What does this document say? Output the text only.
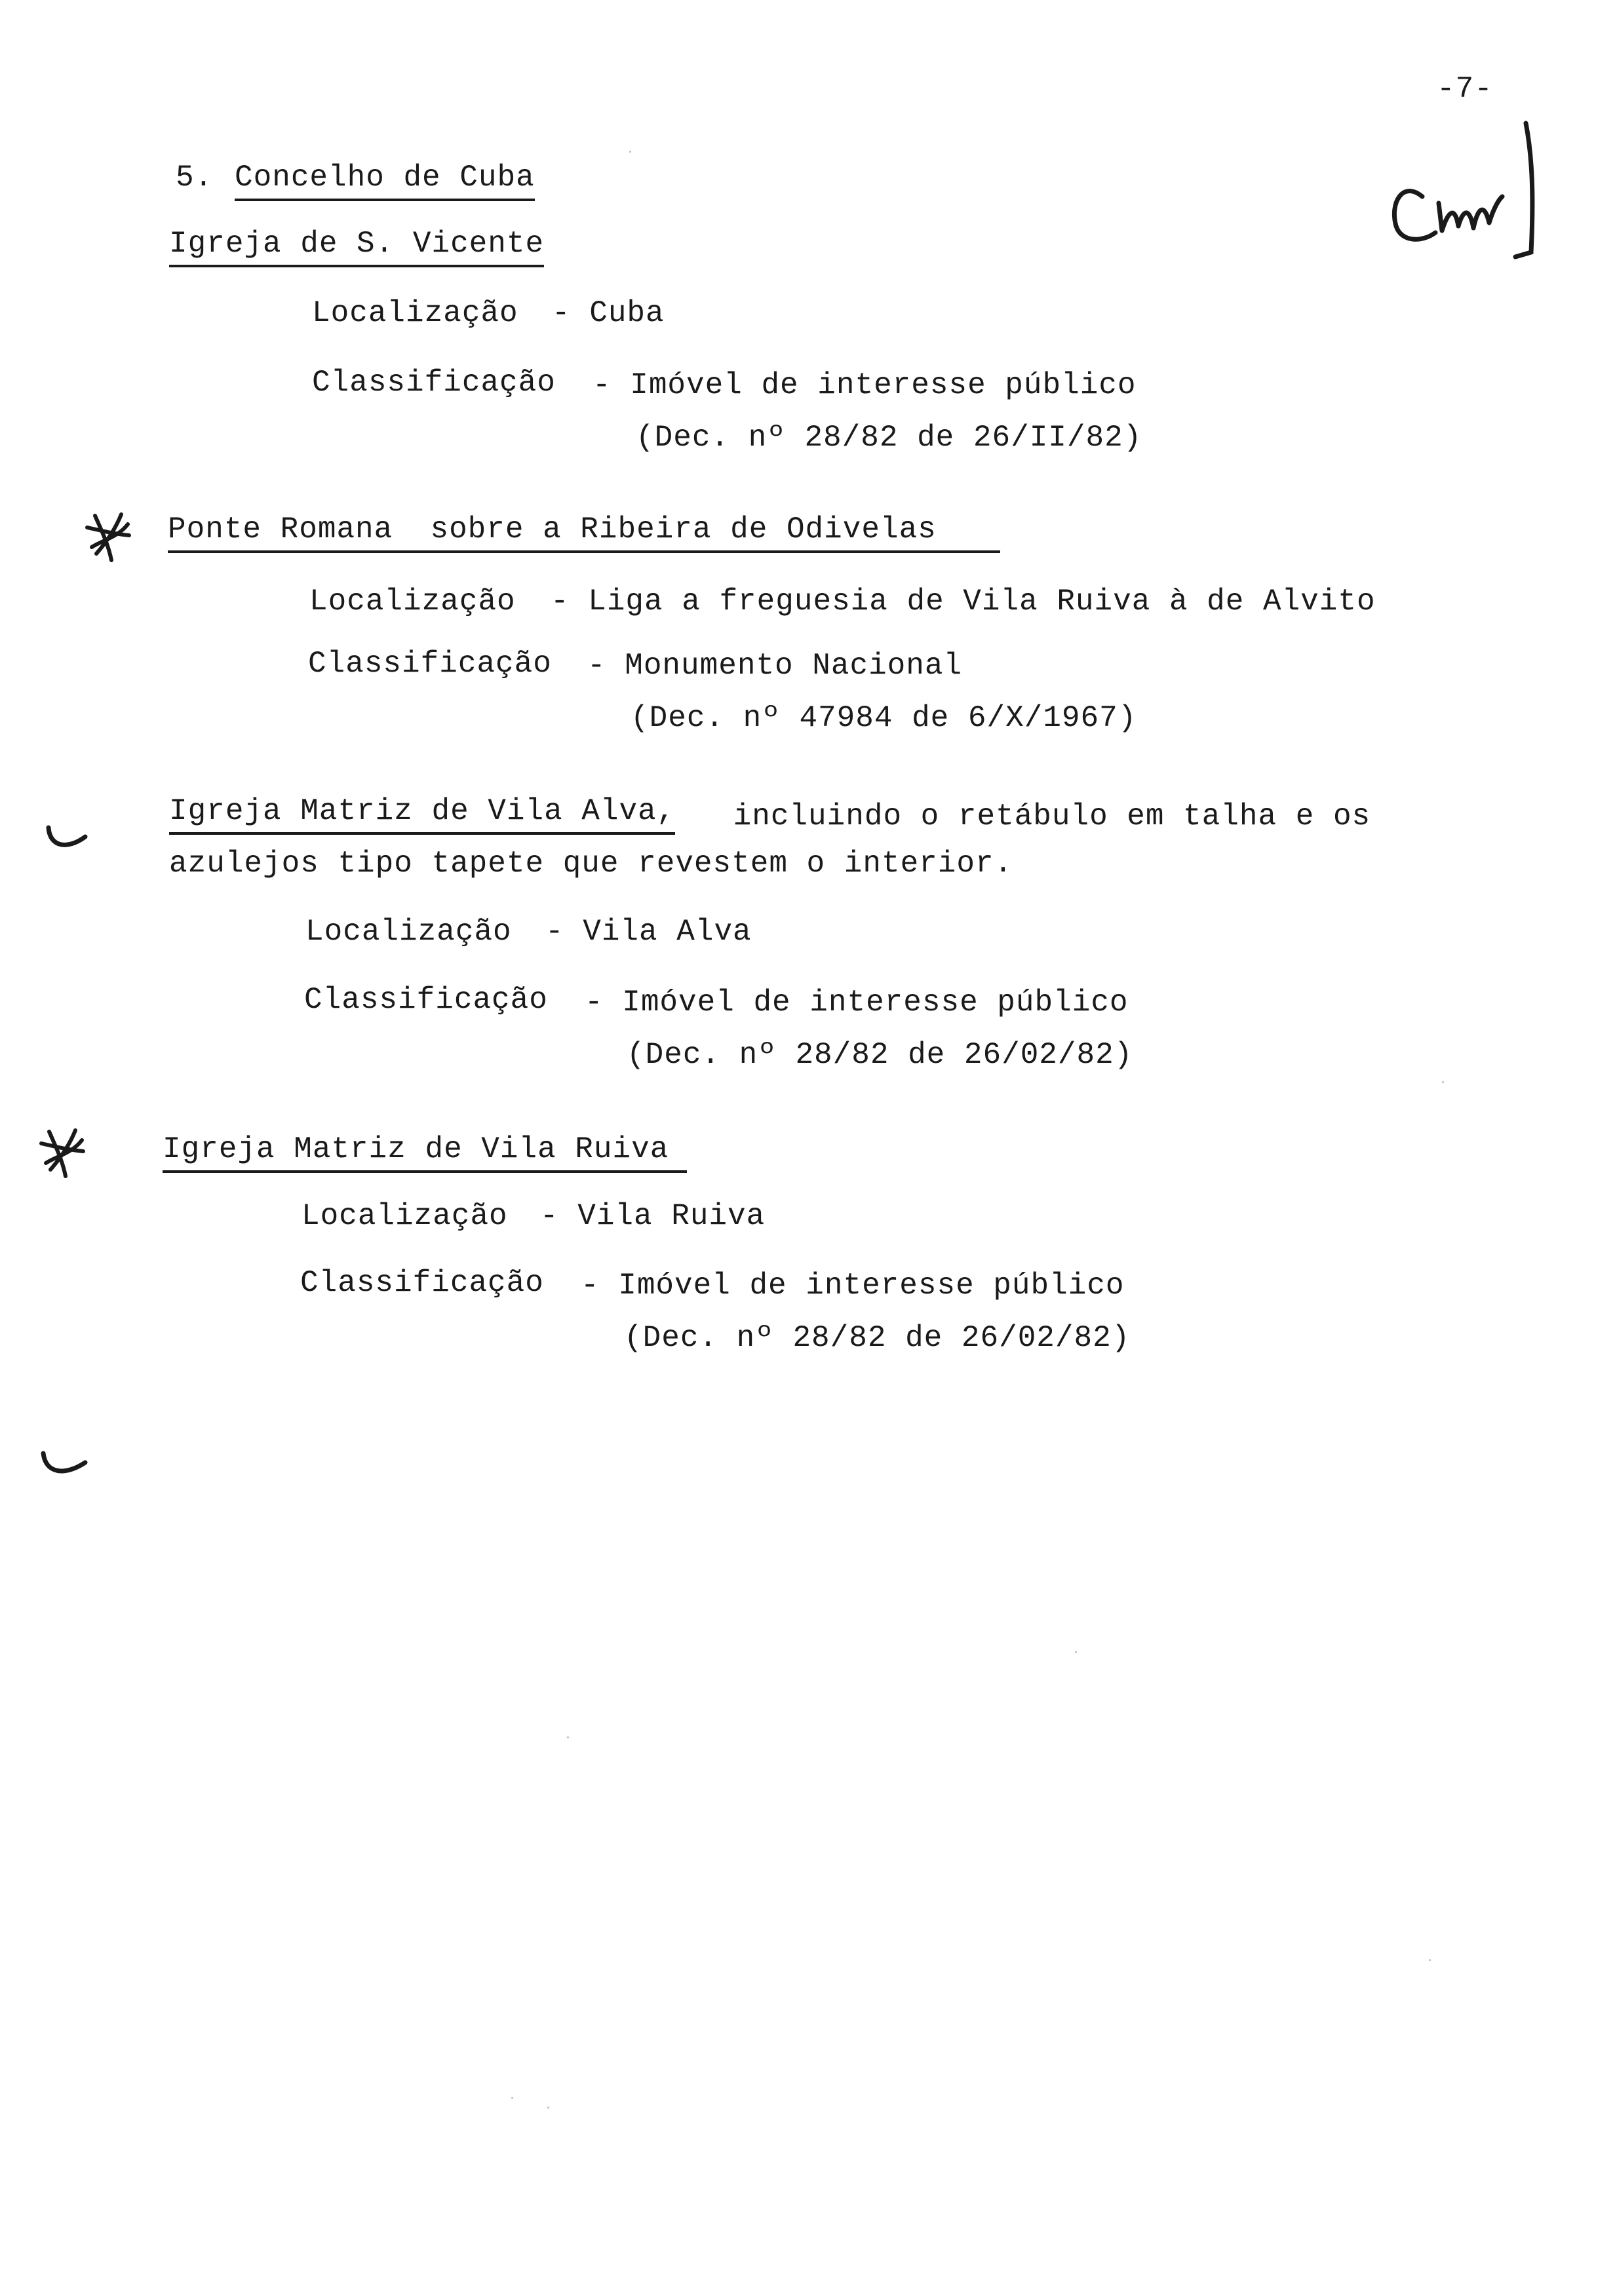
-7-
5. Concelho de Cuba
Igreja de S. Vicente
Localização - Cuba
Classificação - Imóvel de interesse público
(Dec. nº 28/82 de 26/II/82)
Ponte Romana  sobre a Ribeira de Odivelas
Localização - Liga a freguesia de Vila Ruiva à de Alvito
Classificação - Monumento Nacional
(Dec. nº 47984 de 6/X/1967)
Igreja Matriz de Vila Alva, incluindo o retábulo em talha e os
azulejos tipo tapete que revestem o interior.
Localização - Vila Alva
Classificação - Imóvel de interesse público
(Dec. nº 28/82 de 26/02/82)
Igreja Matriz de Vila Ruiva
Localização - Vila Ruiva
Classificação - Imóvel de interesse público
(Dec. nº 28/82 de 26/02/82)
